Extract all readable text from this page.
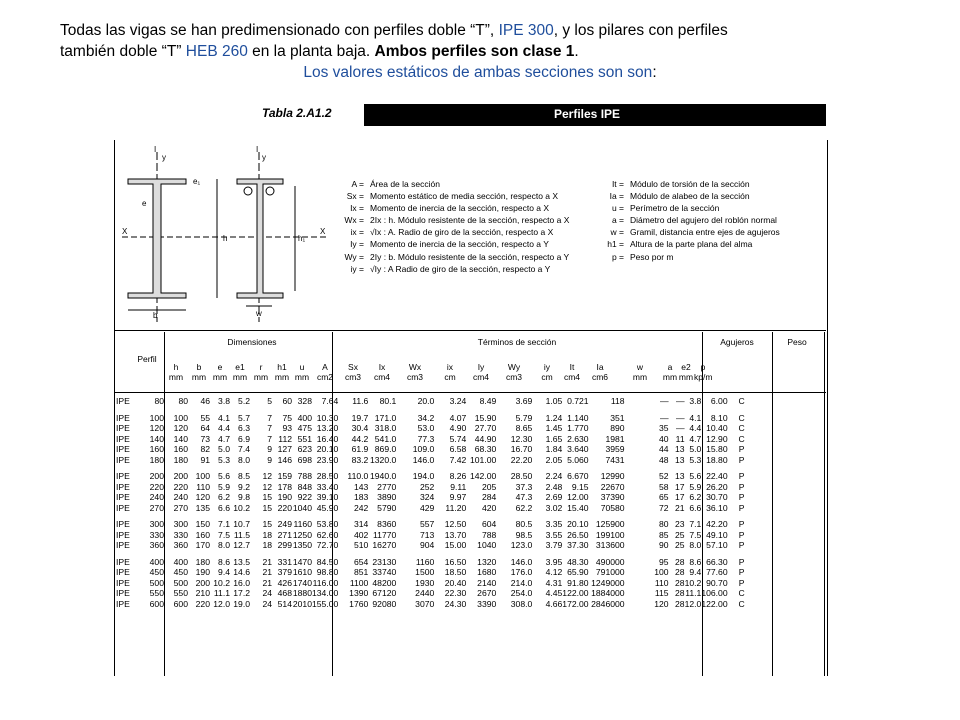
Todas las vigas se han predimensionado con perfiles doble “T”, IPE 300, y los pilares con perfiles
también doble “T” HEB 260 en la planta baja. Ambos perfiles son clase 1.
Los valores estáticos de ambas secciones son son:
Tabla 2.A1.2	Perfiles IPE
I
y
I
y
h	h₁
b	w
e₁
e
X	X
A = Área de la sección
Sx = Momento estático de media sección, respecto a X
Ix = Momento de inercia de la sección, respecto a X
Wx = 2Ix : h. Módulo resistente de la sección, respecto a X
ix = √Ix : A. Radio de giro de la sección, respecto a X
Iy = Momento de inercia de la sección, respecto a Y
Wy = 2Iy : b. Módulo resistente de la sección, respecto a Y
iy = √Iy : A Radio de giro de la sección, respecto a Y
It = Módulo de torsión de la sección
Ia = Módulo de alabeo de la sección
u = Perímetro de la sección
a = Diámetro del agujero del roblón normal
w = Gramil, distancia entre ejes de agujeros
h1 = Altura de la parte plana del alma
p = Peso por m
Perfil
Dimensiones	Términos de sección	Agujeros	Peso
h
mm
b
mm
e
mm
e1
mm
r
mm
h1
mm
u
mm
A
cm2
Sx
cm3
Ix
cm4
Wx
cm3
ix
cm
Iy
cm4
Wy
cm3
iy
cm
It
cm4
Ia
cm6
w
mm
a
mm
e2
mm
p
kp/m
IPE	80	80	46	3.8	5.2	5	60	328	7.64	11.6	80.1	20.0	3.24	8.49	3.69	1.05	0.721	118	—	—	3.8	6.00	C
IPE	100	100	55	4.1	5.7	7	75	400	10.30	19.7	171.0	34.2	4.07	15.90	5.79	1.24	1.140	351	—	—	4.1	8.10	C
IPE	120	120	64	4.4	6.3	7	93	475	13.20	30.4	318.0	53.0	4.90	27.70	8.65	1.45	1.770	890	35	—	4.4	10.40	C
IPE	140	140	73	4.7	6.9	7	112	551	16.40	44.2	541.0	77.3	5.74	44.90	12.30	1.65	2.630	1981	40	11	4.7	12.90	C
IPE	160	160	82	5.0	7.4	9	127	623	20.10	61.9	869.0	109.0	6.58	68.30	16.70	1.84	3.640	3959	44	13	5.0	15.80	P
IPE	180	180	91	5.3	8.0	9	146	698	23.90	83.2	1320.0	146.0	7.42	101.00	22.20	2.05	5.060	7431	48	13	5.3	18.80	P
IPE	200	200	100	5.6	8.5	12	159	788	28.50	110.0	1940.0	194.0	8.26	142.00	28.50	2.24	6.670	12990	52	13	5.6	22.40	P
IPE	220	220	110	5.9	9.2	12	178	848	33.40	143	2770	252	9.11	205	37.3	2.48	9.15	22670	58	17	5.9	26.20	P
IPE	240	240	120	6.2	9.8	15	190	922	39.10	183	3890	324	9.97	284	47.3	2.69	12.00	37390	65	17	6.2	30.70	P
IPE	270	270	135	6.6	10.2	15	220	1040	45.90	242	5790	429	11.20	420	62.2	3.02	15.40	70580	72	21	6.6	36.10	P
IPE	300	300	150	7.1	10.7	15	249	1160	53.80	314	8360	557	12.50	604	80.5	3.35	20.10	125900	80	23	7.1	42.20	P
IPE	330	330	160	7.5	11.5	18	271	1250	62.60	402	11770	713	13.70	788	98.5	3.55	26.50	199100	85	25	7.5	49.10	P
IPE	360	360	170	8.0	12.7	18	299	1350	72.70	510	16270	904	15.00	1040	123.0	3.79	37.30	313600	90	25	8.0	57.10	P
IPE	400	400	180	8.6	13.5	21	331	1470	84.50	654	23130	1160	16.50	1320	146.0	3.95	48.30	490000	95	28	8.6	66.30	P
IPE	450	450	190	9.4	14.6	21	379	1610	98.80	851	33740	1500	18.50	1680	176.0	4.12	65.90	791000	100	28	9.4	77.60	P
IPE	500	500	200	10.2	16.0	21	426	1740	116.00	1100	48200	1930	20.40	2140	214.0	4.31	91.80	1249000	110	28	10.2	90.70	P
IPE	550	550	210	11.1	17.2	24	468	1880	134.00	1390	67120	2440	22.30	2670	254.0	4.45	122.00	1884000	115	28	11.1	106.00	C
IPE	600	600	220	12.0	19.0	24	514	2010	155.00	1760	92080	3070	24.30	3390	308.0	4.66	172.00	2846000	120	28	12.0	122.00	C
